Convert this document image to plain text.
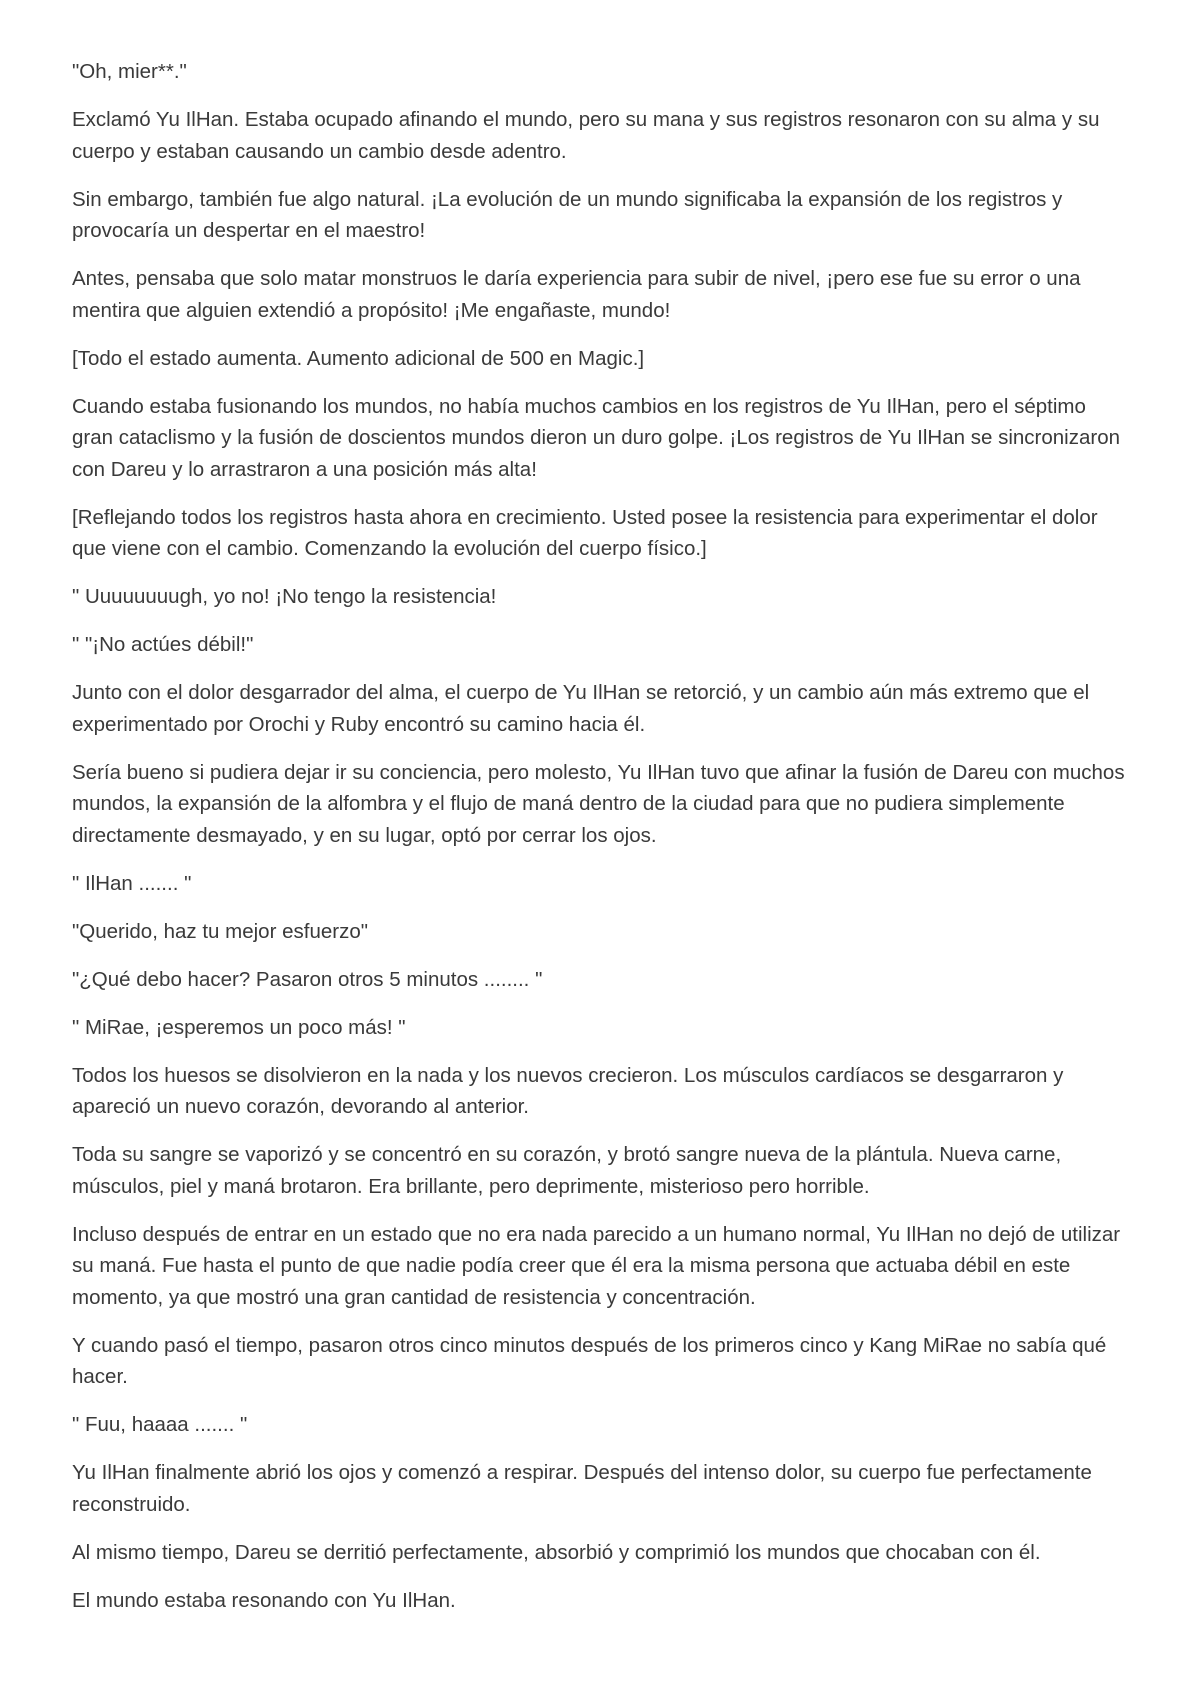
"Oh, mier**."

Exclamó Yu IlHan. Estaba ocupado afinando el mundo, pero su mana y sus registros resonaron con su alma y su cuerpo y estaban causando un cambio desde adentro.

Sin embargo, también fue algo natural. ¡La evolución de un mundo significaba la expansión de los registros y provocaría un despertar en el maestro!

Antes, pensaba que solo matar monstruos le daría experiencia para subir de nivel, ¡pero ese fue su error o una mentira que alguien extendió a propósito! ¡Me engañaste, mundo!

[Todo el estado aumenta. Aumento adicional de 500 en Magic.]

Cuando estaba fusionando los mundos, no había muchos cambios en los registros de Yu IlHan, pero el séptimo gran cataclismo y la fusión de doscientos mundos dieron un duro golpe. ¡Los registros de Yu IlHan se sincronizaron con Dareu y lo arrastraron a una posición más alta!

[Reflejando todos los registros hasta ahora en crecimiento. Usted posee la resistencia para experimentar el dolor que viene con el cambio. Comenzando la evolución del cuerpo físico.]

" Uuuuuuuugh, yo no! ¡No tengo la resistencia!

" "¡No actúes débil!"

Junto con el dolor desgarrador del alma, el cuerpo de Yu IlHan se retorció, y un cambio aún más extremo que el experimentado por Orochi y Ruby encontró su camino hacia él.

Sería bueno si pudiera dejar ir su conciencia, pero molesto, Yu IlHan tuvo que afinar la fusión de Dareu con muchos mundos, la expansión de la alfombra y el flujo de maná dentro de la ciudad para que no pudiera simplemente directamente desmayado, y en su lugar, optó por cerrar los ojos.

" IlHan ....... "

"Querido, haz tu mejor esfuerzo"

"¿Qué debo hacer? Pasaron otros 5 minutos ........ "

" MiRae, ¡esperemos un poco más! "

Todos los huesos se disolvieron en la nada y los nuevos crecieron. Los músculos cardíacos se desgarraron y apareció un nuevo corazón, devorando al anterior.

Toda su sangre se vaporizó y se concentró en su corazón, y brotó sangre nueva de la plántula. Nueva carne, músculos, piel y maná brotaron. Era brillante, pero deprimente, misterioso pero horrible.

Incluso después de entrar en un estado que no era nada parecido a un humano normal, Yu IlHan no dejó de utilizar su maná. Fue hasta el punto de que nadie podía creer que él era la misma persona que actuaba débil en este momento, ya que mostró una gran cantidad de resistencia y concentración.

Y cuando pasó el tiempo, pasaron otros cinco minutos después de los primeros cinco y Kang MiRae no sabía qué hacer.

" Fuu, haaaa ....... "

Yu IlHan finalmente abrió los ojos y comenzó a respirar. Después del intenso dolor, su cuerpo fue perfectamente reconstruido.

Al mismo tiempo, Dareu se derritió perfectamente, absorbió y comprimió los mundos que chocaban con él.

El mundo estaba resonando con Yu IlHan.
